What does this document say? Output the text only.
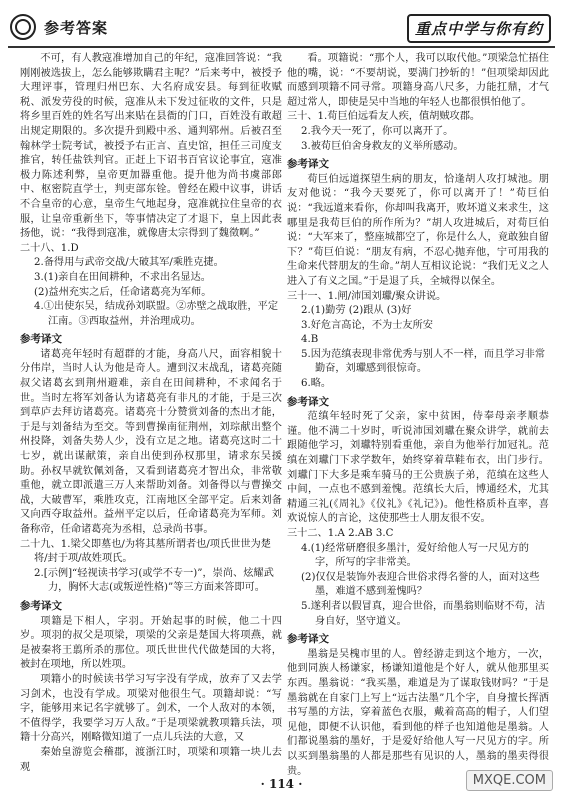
参考答案	重点中学与你有约

不可，有人教寇准增加自己的年纪，寇准回答说：“我刚刚被选拔上，怎么能够欺瞒君主呢？”后来考中，被授予大理评事，管理归州巴东、大名府成安县。每到征收赋税、派发劳役的时候，寇准从未下发过征收的文件，只是将乡里百姓的姓名写出来贴在县衙的门口，百姓没有敢超出规定期限的。多次提升到殿中丞、通判郓州。后被召至翰林学士院考试，被授予右正言、直史馆，担任三司度支推官，转任盐铁判官。正赶上下诏书百官议论事宜，寇准极力陈述利弊，皇帝更加器重他。提升他为尚书虞部郎中、枢密院直学士，判吏部东铨。曾经在殿中议事，讲话不合皇帝的心意，皇帝生气地起身，寇准就拉住皇帝的衣服，让皇帝重新坐下，等事情决定了才退下，皇上因此表扬他，说：“我得到寇准，就像唐太宗得到了魏徵啊。”

二十八、1.D

2.备得用与武帝交战/大破其军/乘胜克捷。

3.(1)亲自在田间耕种，不求出名显达。

(2)益州充实之后，任命诸葛亮为军师。

4.①出使东吴，结成孙刘联盟。②赤壁之战取胜，平定江南。③西取益州，并治理成功。

参考译文

诸葛亮年轻时有超群的才能，身高八尺，面容相貌十分伟岸，当时人认为他是奇人。遭到汉末战乱，诸葛亮随叔父诸葛玄到荆州避难，亲自在田间耕种，不求闻名于世。当时左将军刘备认为诸葛亮有非凡的才能，于是三次到草庐去拜访诸葛亮。诸葛亮十分赞赏刘备的杰出才能，于是与刘备结为至交。等到曹操南征荆州，刘琮献出整个州投降，刘备失势人少，没有立足之地。诸葛亮这时二十七岁，就出谋献策，亲自出使到孙权那里，请求东吴援助。孙权早就钦佩刘备，又看到诸葛亮才智出众，非常敬重他，就立即派遣三万人来帮助刘备。刘备得以与曹操交战，大破曹军，乘胜攻克，江南地区全部平定。后来刘备又向西夺取益州。益州平定以后，任命诸葛亮为军师。刘备称帝，任命诸葛亮为丞相，总录尚书事。

二十九、1.梁父即墓也/为将其墓所谓者也/项氏世世为楚将/封于项/故姓项氏。

2.[示例]“轻视读书学习(或学不专一)”，崇尚、炫耀武力，胸怀大志(或叛逆性格)”等三方面来答即可。

参考译文

项籍是下相人，字羽。开始起事的时候，他二十四岁。项羽的叔父是项梁，项梁的父亲是楚国大将项燕，就是被秦将王翦所杀的那位。项氏世世代代做楚国的大将，被封在项地，所以姓项。

项籍小的时候读书学习写字没有学成，放弃了又去学习剑术，也没有学成。项梁对他很生气。项籍却说：“写字，能够用来记名字就够了。剑术，一个人敌对的本领，不值得学，我要学习万人敌。”于是项梁就教项籍兵法，项籍十分高兴，刚略微知道了一点儿兵法的大意，又

秦始皇游览会稽郡，渡浙江时，项梁和项籍一块儿去观

看。项籍说：“那个人，我可以取代他。”项梁急忙捂住他的嘴，说：“不要胡说，要满门抄斩的！”但项梁却因此而感到项籍不同寻常。项籍身高八尺多，力能扛鼎，才气超过常人，即使是吴中当地的年轻人也都很惧怕他了。

三十、1.荀巨伯远看友人疾，值胡贼攻郡。

2.我今天一死了，你可以离开了。

3.被荀巨伯舍身救友的义举所感动。

参考译文

荀巨伯远道探望生病的朋友，恰逢胡人攻打城池。朋友对他说：“我今天要死了，你可以离开了！”荀巨伯说：“我远道来看你，你却叫我离开，败坏道义来求生，这哪里是我荀巨伯的所作所为？”胡人攻进城后，对荀巨伯说：“大军来了，整座城都空了，你是什么人，竟敢独自留下？”荀巨伯说：“朋友有病，不忍心抛弃他，宁可用我的生命来代替朋友的生命。”胡人互相议论说：“我们无义之人进入了有义之国。”于是退了兵，全城得以保全。

三十一、1.闸/沛国刘瓛/聚众讲说。

2.(1)勤劳 (2)跟从 (3)好

3.好危言高论，不为士友所安

4.B

5.因为范缜表现非常优秀与别人不一样，而且学习非常勤奋，刘瓛感到很惊奇。

6.略。

参考译文

范缜年轻时死了父亲，家中贫困，侍奉母亲孝顺恭谨。他不满二十岁时，听说沛国刘瓛在聚众讲学，就前去跟随他学习，刘瓛特别看重他，亲自为他举行加冠礼。范缜在刘瓛门下求学数年，始终穿着草鞋布衣，出门步行。刘瓛门下大多是乘车骑马的王公贵族子弟，范缜在这些人中间，一点也不感到羞愧。范缜长大后，博通经术，尤其精通三礼(《周礼》《仪礼》《礼记》)。他性格质朴直率，喜欢说惊人的言论，这使那些士人朋友很不安。

三十二、1.A 2.AB 3.C

4.(1)经常研磨很多墨汁，爱好给他人写一尺见方的字，所写的字非常美。

(2)仅仅是装饰外表迎合世俗求得名誉的人，面对这些墨，难道不感到羞愧吗？

5.遂利者以假冒真，迎合世俗，而墨翁则临财不苟，洁身自好，坚守道义。

参考译文

墨翁是吴槐市里的人。曾经游走到这个地方，一次，他到同族人杨谦家，杨谦知道他是个好人，就从他那里买东西。墨翁说：“我买墨，难道是为了谋取钱财吗？”于是墨翁就在自家门上写上“远古法墨”几个字，自身擅长挥洒书写墨的方法，穿着蓝色衣服，戴着高高的帽子，人们望见他，即便不认识他，看到他的样子也知道他是墨翁。人们都说墨翁的墨好，于是爱好给他人写一尺见方的字。所以买到墨翁墨的人都是那些有见识的人，墨翁的墨卖得很贵。

· 114 ·	MXQE.COM
